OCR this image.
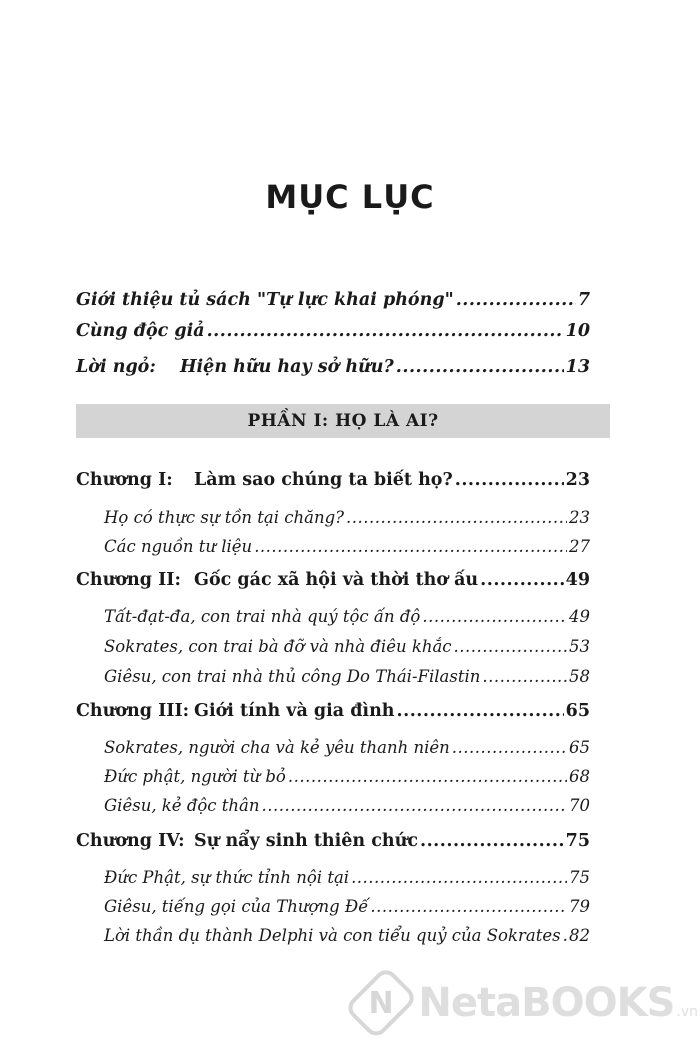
MỤC LỤC
Giới thiệu tủ sách "Tự lực khai phóng" .....	7
Cùng độc giả .....	10
Lời ngỏ:	Hiện hữu hay sở hữu? .....	13
PHẦN I: HỌ LÀ AI?
Chương I:	Làm sao chúng ta biết họ? .....	23
Họ có thực sự tồn tại chăng? .....	23
Các nguồn tư liệu .....	27
Chương II: Gốc gác xã hội và thời thơ ấu .....	49
Tất-đạt-đa, con trai nhà quý tộc ấn độ .....	49
Sokrates, con trai bà đỡ và nhà điêu khắc .....	53
Giêsu, con trai nhà thủ công Do Thái-Filastin .....	58
Chương III: Giới tính và gia đình .....	65
Sokrates, người cha và kẻ yêu thanh niên .....	65
Đức phật, người từ bỏ .....	68
Giêsu, kẻ độc thân .....	70
Chương IV: Sự nẩy sinh thiên chức .....	75
Đức Phật, sự thức tỉnh nội tại .....	75
Giêsu, tiếng gọi của Thượng Đế .....	79
Lời thần dụ thành Delphi và con tiểu quỷ của Sokrates ..... 82
N NetaBOOKS .vn
